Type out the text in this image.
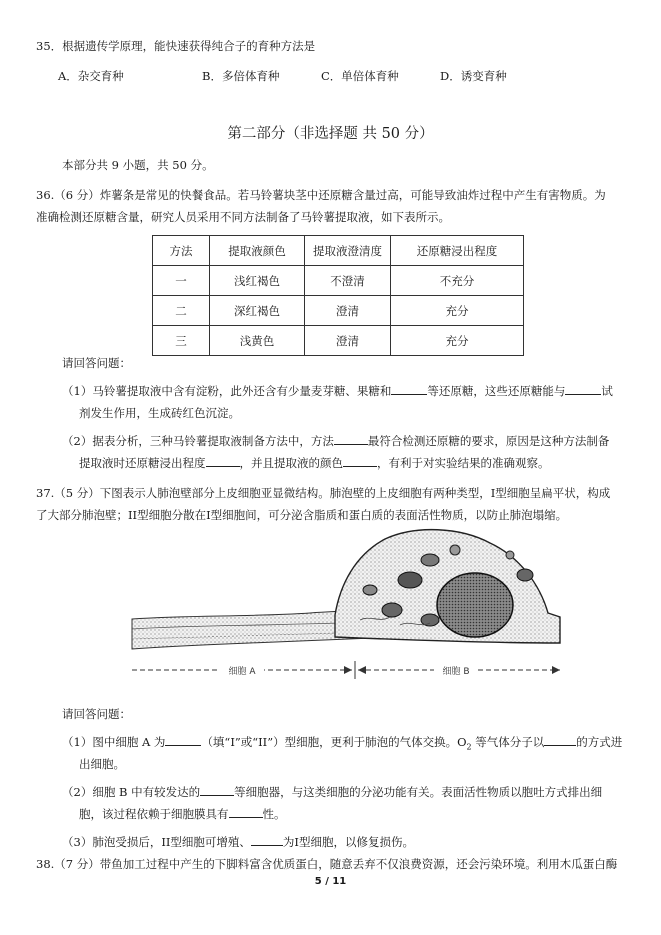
35．根据遗传学原理，能快速获得纯合子的育种方法是
A．杂交育种	B．多倍体育种	C．单倍体育种	D．诱变育种
第二部分（非选择题 共 50 分）
本部分共 9 小题，共 50 分。
36.（6 分）炸薯条是常见的快餐食品。若马铃薯块茎中还原糖含量过高，可能导致油炸过程中产生有害物质。为
准确检测还原糖含量，研究人员采用不同方法制备了马铃薯提取液，如下表所示。
方法	提取液颜色	提取液澄清度	还原糖浸出程度
一	浅红褐色	不澄清	不充分
二	深红褐色	澄清	充分
三	浅黄色	澄清	充分
请回答问题：
（1）马铃薯提取液中含有淀粉，此外还含有少量麦芽糖、果糖和	等还原糖，这些还原糖能与	试
剂发生作用，生成砖红色沉淀。
（2）据表分析，三种马铃薯提取液制备方法中，方法	最符合检测还原糖的要求，原因是这种方法制备
提取液时还原糖浸出程度	，并且提取液的颜色	，有利于对实验结果的准确观察。
37.（5 分）下图表示人肺泡壁部分上皮细胞亚显微结构。肺泡壁的上皮细胞有两种类型，I型细胞呈扁平状，构成
了大部分肺泡壁；II型细胞分散在I型细胞间，可分泌含脂质和蛋白质的表面活性物质，以防止肺泡塌缩。
细胞 A	细胞 B
请回答问题：
（1）图中细胞 A 为	（填“I”或“II”）型细胞，更利于肺泡的气体交换。$O_2$ 等气体分子以	的方式进
出细胞。
（2）细胞 B 中有较发达的	等细胞器，与这类细胞的分泌功能有关。表面活性物质以胞吐方式排出细
胞，该过程依赖于细胞膜具有	性。
（3）肺泡受损后，II型细胞可增殖、	为I型细胞，以修复损伤。
38.（7 分）带鱼加工过程中产生的下脚料富含优质蛋白，随意丢弃不仅浪费资源，还会污染环境。利用木瓜蛋白酶
5 / 11
